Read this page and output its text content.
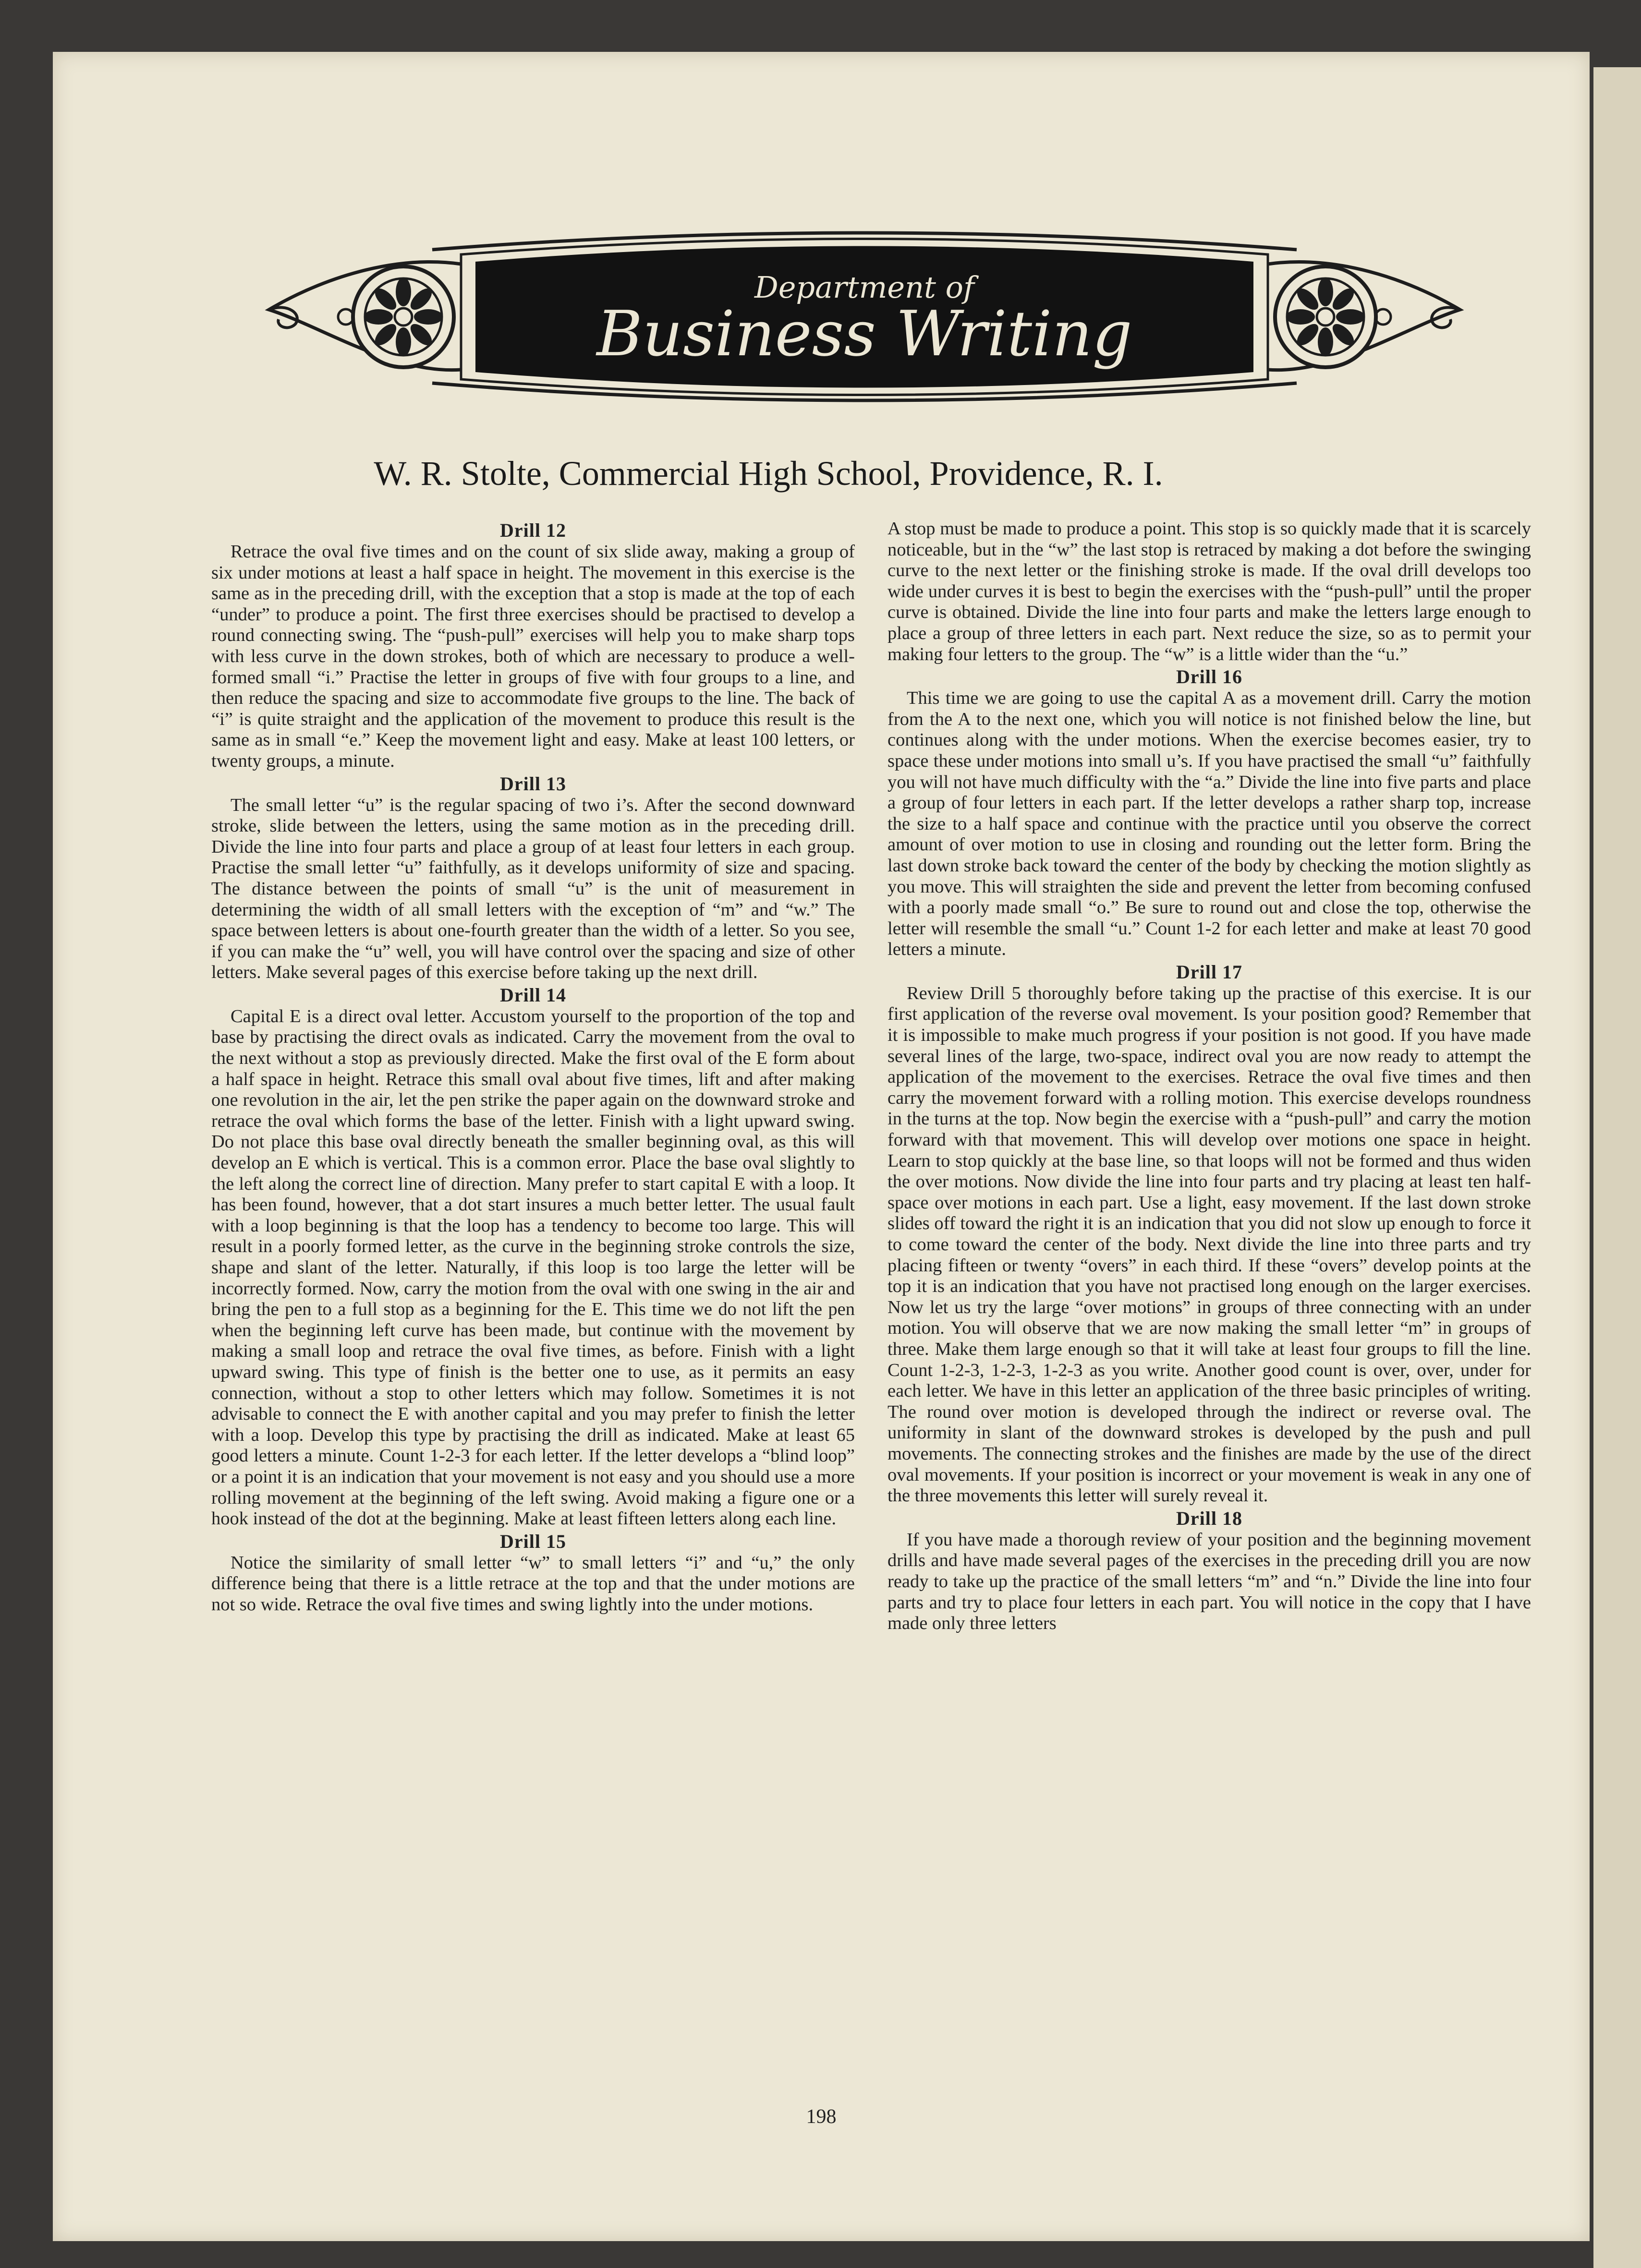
Department of
Business Writing
W. R. Stolte, Commercial High School, Providence, R. I.
Drill 12

Retrace the oval five times and on the count of six slide away, making a group of six under motions at least a half space in height. The movement in this exercise is the same as in the preceding drill, with the exception that a stop is made at the top of each “under” to produce a point. The first three exercises should be practised to develop a round connecting swing. The “push-pull” exercises will help you to make sharp tops with less curve in the down strokes, both of which are necessary to produce a well-formed small “i.” Practise the letter in groups of five with four groups to a line, and then reduce the spacing and size to accommodate five groups to the line. The back of “i” is quite straight and the application of the movement to produce this result is the same as in small “e.” Keep the movement light and easy. Make at least 100 letters, or twenty groups, a minute.

Drill 13

The small letter “u” is the regular spacing of two i’s. After the second downward stroke, slide between the letters, using the same motion as in the preceding drill. Divide the line into four parts and place a group of at least four letters in each group. Practise the small letter “u” faithfully, as it develops uniformity of size and spacing. The distance between the points of small “u” is the unit of measurement in determining the width of all small letters with the exception of “m” and “w.” The space between letters is about one-fourth greater than the width of a letter. So you see, if you can make the “u” well, you will have control over the spacing and size of other letters. Make several pages of this exercise before taking up the next drill.

Drill 14

Capital E is a direct oval letter. Accustom yourself to the proportion of the top and base by practising the direct ovals as indicated. Carry the movement from the oval to the next without a stop as previously directed. Make the first oval of the E form about a half space in height. Retrace this small oval about five times, lift and after making one revolution in the air, let the pen strike the paper again on the downward stroke and retrace the oval which forms the base of the letter. Finish with a light upward swing. Do not place this base oval directly beneath the smaller beginning oval, as this will develop an E which is vertical. This is a common error. Place the base oval slightly to the left along the correct line of direction. Many prefer to start capital E with a loop. It has been found, however, that a dot start insures a much better letter. The usual fault with a loop beginning is that the loop has a tendency to become too large. This will result in a poorly formed letter, as the curve in the beginning stroke controls the size, shape and slant of the letter. Naturally, if this loop is too large the letter will be incorrectly formed. Now, carry the motion from the oval with one swing in the air and bring the pen to a full stop as a beginning for the E. This time we do not lift the pen when the beginning left curve has been made, but continue with the movement by making a small loop and retrace the oval five times, as before. Finish with a light upward swing. This type of finish is the better one to use, as it permits an easy connection, without a stop to other letters which may follow. Sometimes it is not advisable to connect the E with another capital and you may prefer to finish the letter with a loop. Develop this type by practising the drill as indicated. Make at least 65 good letters a minute. Count 1-2-3 for each letter. If the letter develops a “blind loop” or a point it is an indication that your movement is not easy and you should use a more rolling movement at the beginning of the left swing. Avoid making a figure one or a hook instead of the dot at the beginning. Make at least fifteen letters along each line.

Drill 15

Notice the similarity of small letter “w” to small letters “i” and “u,” the only difference being that there is a little retrace at the top and that the under motions are not so wide. Retrace the oval five times and swing lightly into the under motions.

A stop must be made to produce a point. This stop is so quickly made that it is scarcely noticeable, but in the “w” the last stop is retraced by making a dot before the swinging curve to the next letter or the finishing stroke is made. If the oval drill develops too wide under curves it is best to begin the exercises with the “push-pull” until the proper curve is obtained. Divide the line into four parts and make the letters large enough to place a group of three letters in each part. Next reduce the size, so as to permit your making four letters to the group. The “w” is a little wider than the “u.”

Drill 16

This time we are going to use the capital A as a movement drill. Carry the motion from the A to the next one, which you will notice is not finished below the line, but continues along with the under motions. When the exercise becomes easier, try to space these under motions into small u’s. If you have practised the small “u” faithfully you will not have much difficulty with the “a.” Divide the line into five parts and place a group of four letters in each part. If the letter develops a rather sharp top, increase the size to a half space and continue with the practice until you observe the correct amount of over motion to use in closing and rounding out the letter form. Bring the last down stroke back toward the center of the body by checking the motion slightly as you move. This will straighten the side and prevent the letter from becoming confused with a poorly made small “o.” Be sure to round out and close the top, otherwise the letter will resemble the small “u.” Count 1-2 for each letter and make at least 70 good letters a minute.

Drill 17

Review Drill 5 thoroughly before taking up the practise of this exercise. It is our first application of the reverse oval movement. Is your position good? Remember that it is impossible to make much progress if your position is not good. If you have made several lines of the large, two-space, indirect oval you are now ready to attempt the application of the movement to the exercises. Retrace the oval five times and then carry the movement forward with a rolling motion. This exercise develops roundness in the turns at the top. Now begin the exercise with a “push-pull” and carry the motion forward with that movement. This will develop over motions one space in height. Learn to stop quickly at the base line, so that loops will not be formed and thus widen the over motions. Now divide the line into four parts and try placing at least ten half-space over motions in each part. Use a light, easy movement. If the last down stroke slides off toward the right it is an indication that you did not slow up enough to force it to come toward the center of the body. Next divide the line into three parts and try placing fifteen or twenty “overs” in each third. If these “overs” develop points at the top it is an indication that you have not practised long enough on the larger exercises. Now let us try the large “over motions” in groups of three connecting with an under motion. You will observe that we are now making the small letter “m” in groups of three. Make them large enough so that it will take at least four groups to fill the line. Count 1-2-3, 1-2-3, 1-2-3 as you write. Another good count is over, over, under for each letter. We have in this letter an application of the three basic principles of writing. The round over motion is developed through the indirect or reverse oval. The uniformity in slant of the downward strokes is developed by the push and pull movements. The connecting strokes and the finishes are made by the use of the direct oval movements. If your position is incorrect or your movement is weak in any one of the three movements this letter will surely reveal it.

Drill 18

If you have made a thorough review of your position and the beginning movement drills and have made several pages of the exercises in the preceding drill you are now ready to take up the practice of the small letters “m” and “n.” Divide the line into four parts and try to place four letters in each part. You will notice in the copy that I have made only three letters

198
